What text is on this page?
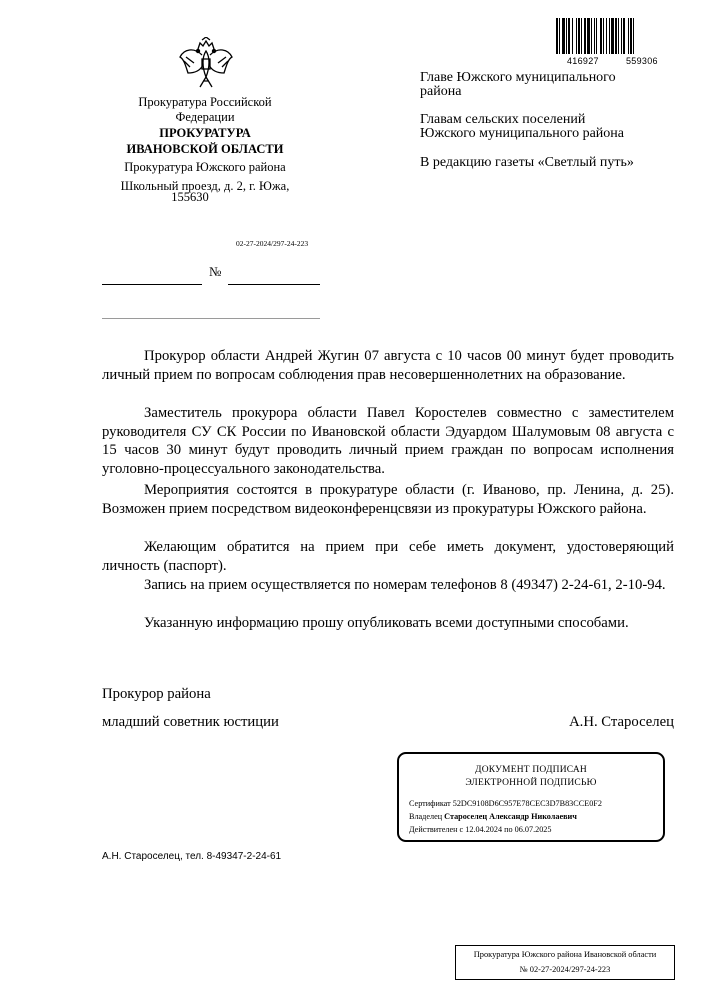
Прокуратура Российской
Федерации
ПРОКУРАТУРА
ИВАНОВСКОЙ ОБЛАСТИ
Прокуратура Южского района
Школьный проезд, д. 2, г. Южа,
155630
02-27-2024/297-24-223
№
416927	559306
Главе Южского муниципального
района
Главам сельских поселений
Южского муниципального района
В редакцию газеты «Светлый путь»
Прокурор области Андрей Жугин 07 августа с 10 часов 00 минут будет проводить личный прием по вопросам соблюдения прав несовершеннолетних на образование.
Заместитель прокурора области Павел Коростелев совместно с заместителем руководителя СУ СК России по Ивановской области Эдуардом Шалумовым 08 августа с 15 часов 30 минут будут проводить личный прием граждан по вопросам исполнения уголовно-процессуального законодательства.
Мероприятия состоятся в прокуратуре области (г. Иваново, пр. Ленина, д. 25). Возможен прием посредством видеоконференцсвязи из прокуратуры Южского района.
Желающим обратится на прием при себе иметь документ, удостоверяющий личность (паспорт).
Запись на прием осуществляется по номерам телефонов 8 (49347) 2-24-61, 2-10-94.
Указанную информацию прошу опубликовать всеми доступными способами.
Прокурор района
младший советник юстиции	А.Н. Староселец
ДОКУМЕНТ ПОДПИСАН
ЭЛЕКТРОННОЙ ПОДПИСЬЮ
Сертификат 52DC9108D6C957E78CEC3D7B83CCE0F2
Владелец Староселец Александр Николаевич
Действителен с 12.04.2024 по 06.07.2025
А.Н. Староселец, тел. 8-49347-2-24-61
Прокуратура Южского района Ивановской области
№ 02-27-2024/297-24-223
